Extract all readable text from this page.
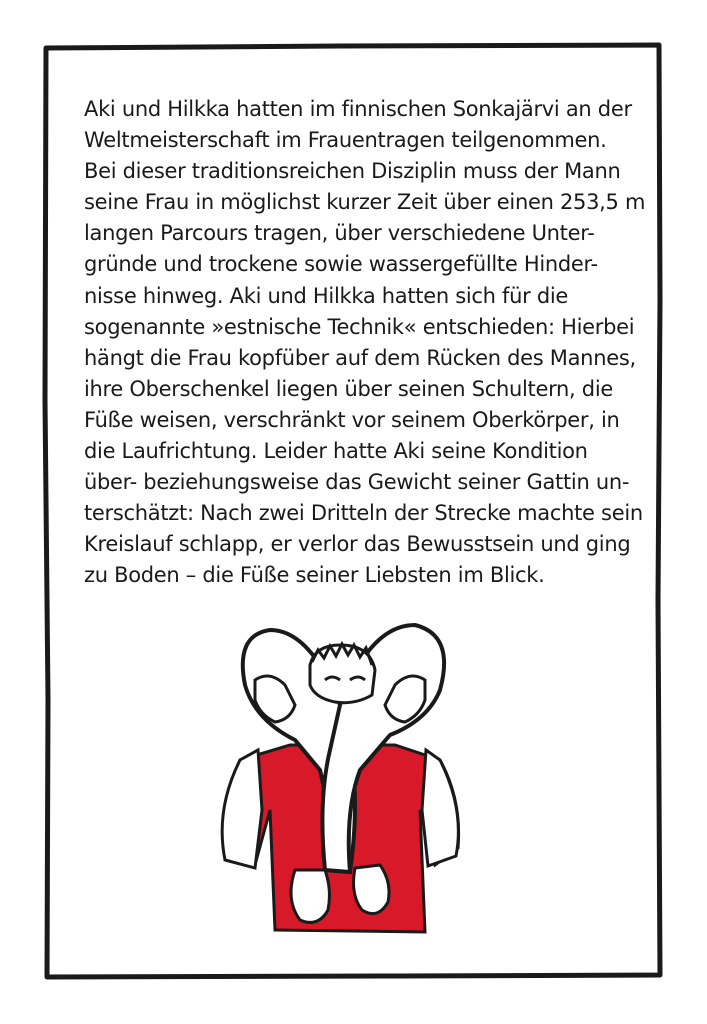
Aki und Hilkka hatten im finnischen Sonkajärvi an der
Weltmeisterschaft im Frauentragen teilgenommen.
Bei dieser traditionsreichen Disziplin muss der Mann
seine Frau in möglichst kurzer Zeit über einen 253,5 m
langen Parcours tragen, über verschiedene Unter-
gründe und trockene sowie wassergefüllte Hinder-
nisse hinweg. Aki und Hilkka hatten sich für die
sogenannte »estnische Technik« entschieden: Hierbei
hängt die Frau kopfüber auf dem Rücken des Mannes,
ihre Oberschenkel liegen über seinen Schultern, die
Füße weisen, verschränkt vor seinem Oberkörper, in
die Laufrichtung. Leider hatte Aki seine Kondition
über- beziehungsweise das Gewicht seiner Gattin un-
terschätzt: Nach zwei Dritteln der Strecke machte sein
Kreislauf schlapp, er verlor das Bewusstsein und ging
zu Boden – die Füße seiner Liebsten im Blick.
